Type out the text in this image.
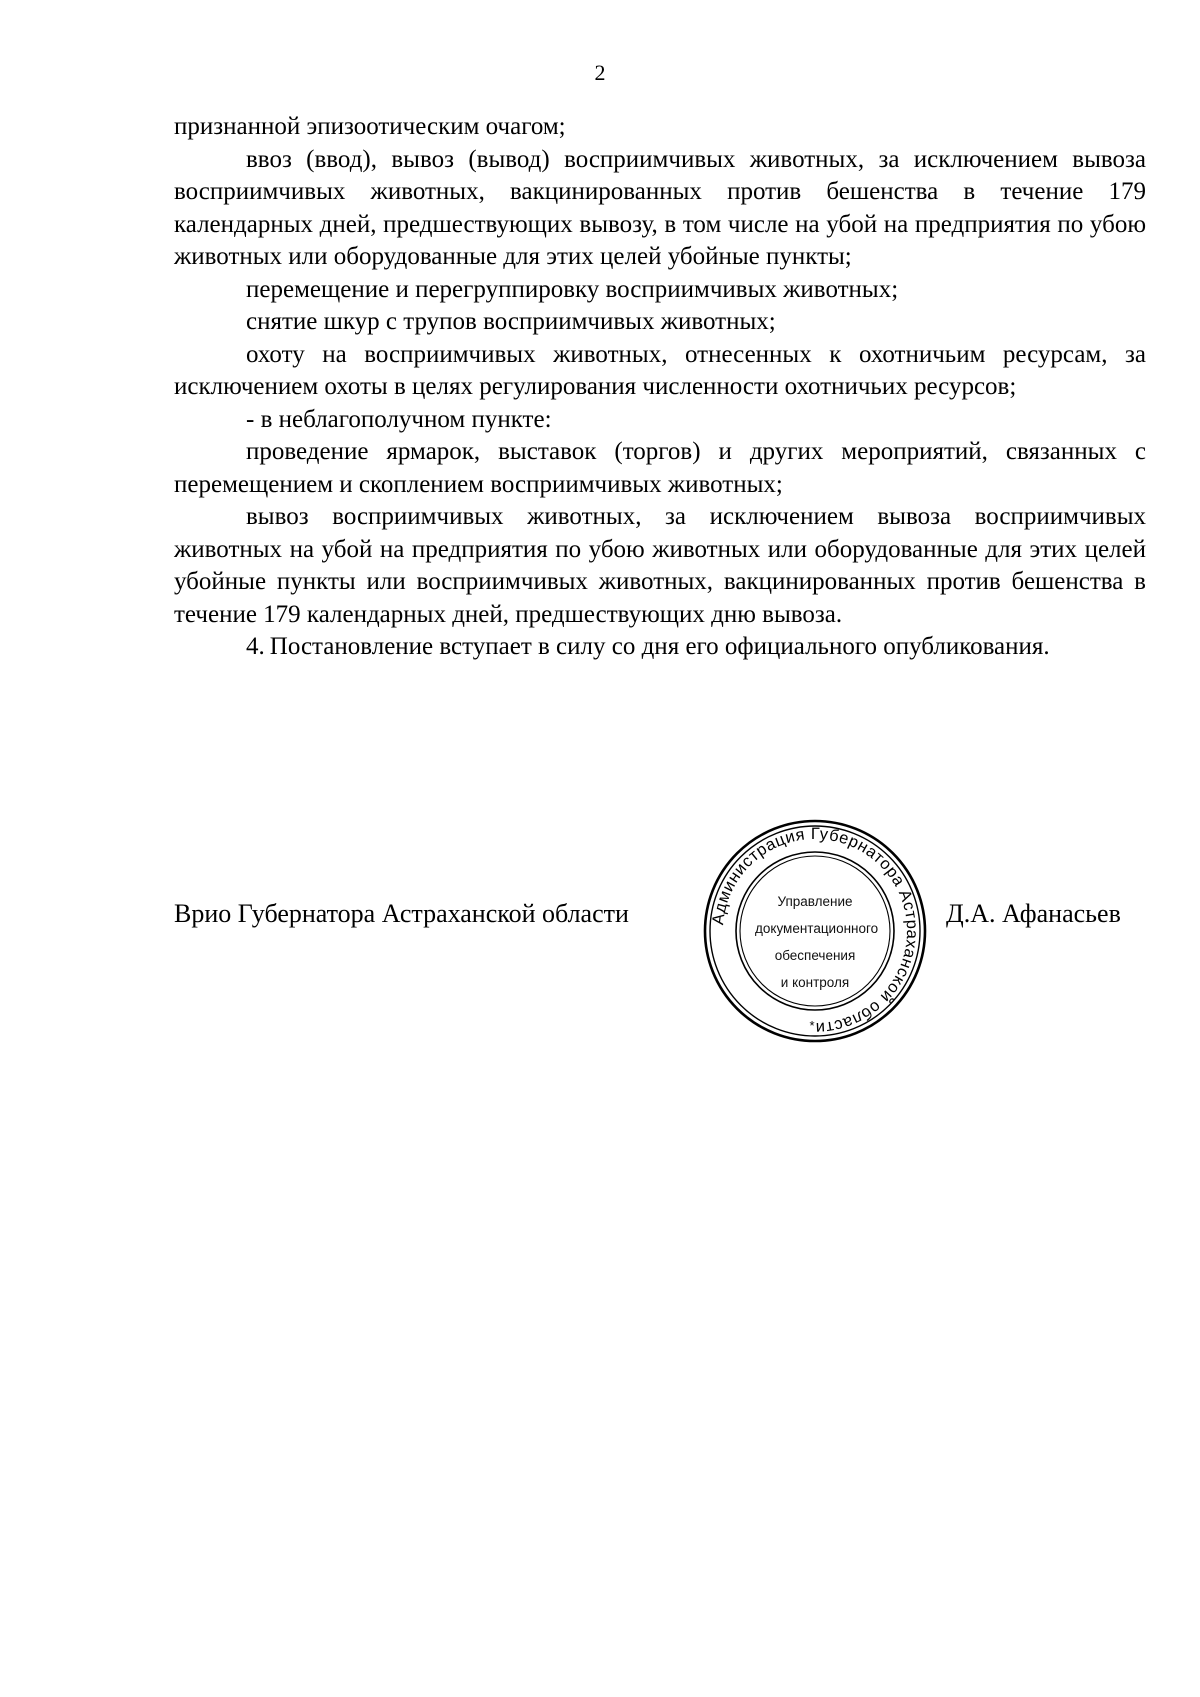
2

признанной эпизоотическим очагом;

ввоз (ввод), вывоз (вывод) восприимчивых животных, за исключением вывоза восприимчивых животных, вакцинированных против бешенства в течение 179 календарных дней, предшествующих вывозу, в том числе на убой на предприятия по убою животных или оборудованные для этих целей убойные пункты;

перемещение и перегруппировку восприимчивых животных;

снятие шкур с трупов восприимчивых животных;

охоту на восприимчивых животных, отнесенных к охотничьим ресурсам, за исключением охоты в целях регулирования численности охотничьих ресурсов;

- в неблагополучном пункте:

проведение ярмарок, выставок (торгов) и других мероприятий, связанных с перемещением и скоплением восприимчивых животных;

вывоз восприимчивых животных, за исключением вывоза восприимчивых животных на убой на предприятия по убою животных или оборудованные для этих целей убойные пункты или восприимчивых животных, вакцинированных против бешенства в течение 179 календарных дней, предшествующих дню вывоза.

4.  Постановление вступает в силу со дня его официального опубликования.

Врио Губернатора Астраханской области	Администрация Губернатора Астраханской области
*
Управление
документационного
обеспечения
и контроля
Д.А. Афанасьев
